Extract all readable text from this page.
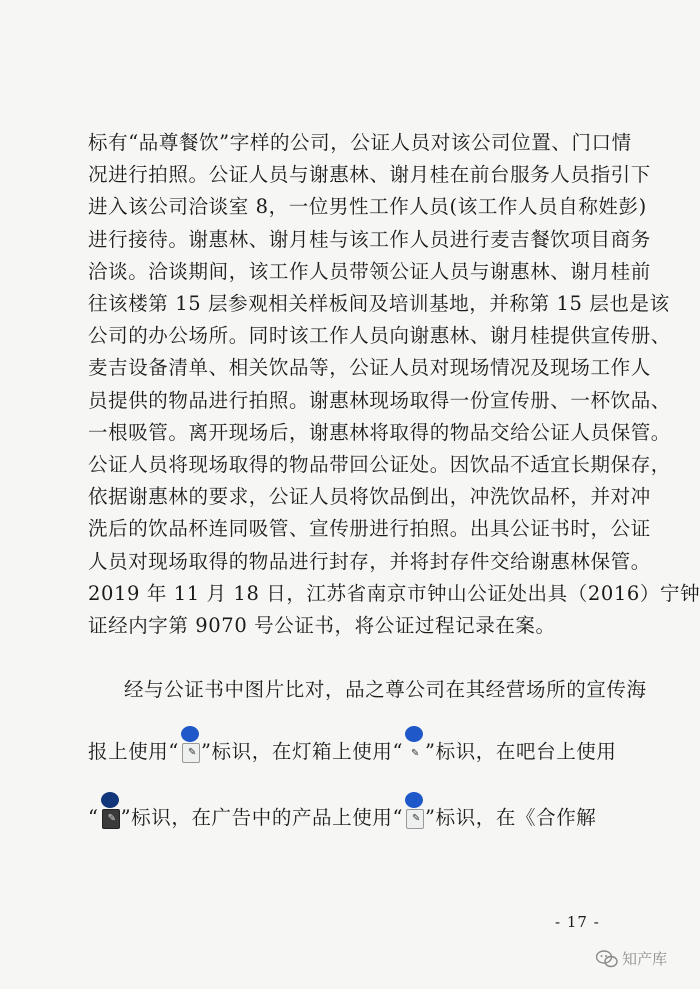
标有“品尊餐饮”字样的公司，公证人员对该公司位置、门口情
况进行拍照。公证人员与谢惠林、谢月桂在前台服务人员指引下
进入该公司洽谈室 8，一位男性工作人员(该工作人员自称姓彭)
进行接待。谢惠林、谢月桂与该工作人员进行麦吉餐饮项目商务
洽谈。洽谈期间，该工作人员带领公证人员与谢惠林、谢月桂前
往该楼第 15 层参观相关样板间及培训基地，并称第 15 层也是该
公司的办公场所。同时该工作人员向谢惠林、谢月桂提供宣传册、
麦吉设备清单、相关饮品等，公证人员对现场情况及现场工作人
员提供的物品进行拍照。谢惠林现场取得一份宣传册、一杯饮品、
一根吸管。离开现场后，谢惠林将取得的物品交给公证人员保管。
公证人员将现场取得的物品带回公证处。因饮品不适宜长期保存，
依据谢惠林的要求，公证人员将饮品倒出，冲洗饮品杯，并对冲
洗后的饮品杯连同吸管、宣传册进行拍照。出具公证书时，公证
人员对现场取得的物品进行封存，并将封存件交给谢惠林保管。
2019 年 11 月 18 日，江苏省南京市钟山公证处出具（2016）宁钟
证经内字第 9070 号公证书，将公证过程记录在案。
经与公证书中图片比对，品之尊公司在其经营场所的宣传海
报上使用“ ✎ ”标识，在灯箱上使用“ ✎ ”标识，在吧台上使用
“ ✎ ”标识，在广告中的产品上使用“ ✎ ”标识，在《合作解
- 17 -
知产库
